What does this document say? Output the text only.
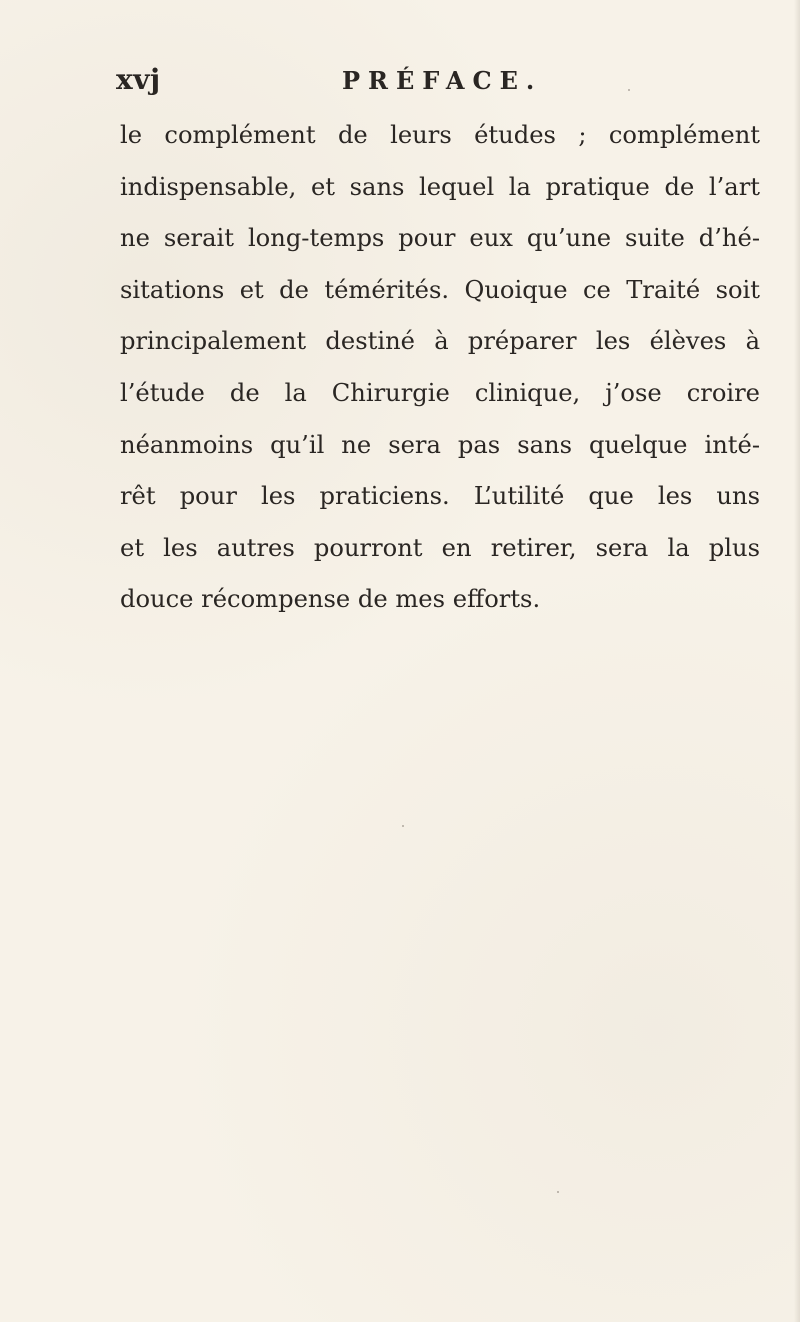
xvj	PRÉFACE.
le complément de leurs études ; complément
indispensable, et sans lequel la pratique de l’art
ne serait long-temps pour eux qu’une suite d’hé-
sitations et de témérités. Quoique ce Traité soit
principalement destiné à préparer les élèves à
l’étude de la Chirurgie clinique, j’ose croire
néanmoins qu’il ne sera pas sans quelque inté-
rêt pour les praticiens. L’utilité que les uns
et les autres pourront en retirer, sera la plus
douce récompense de mes efforts.
